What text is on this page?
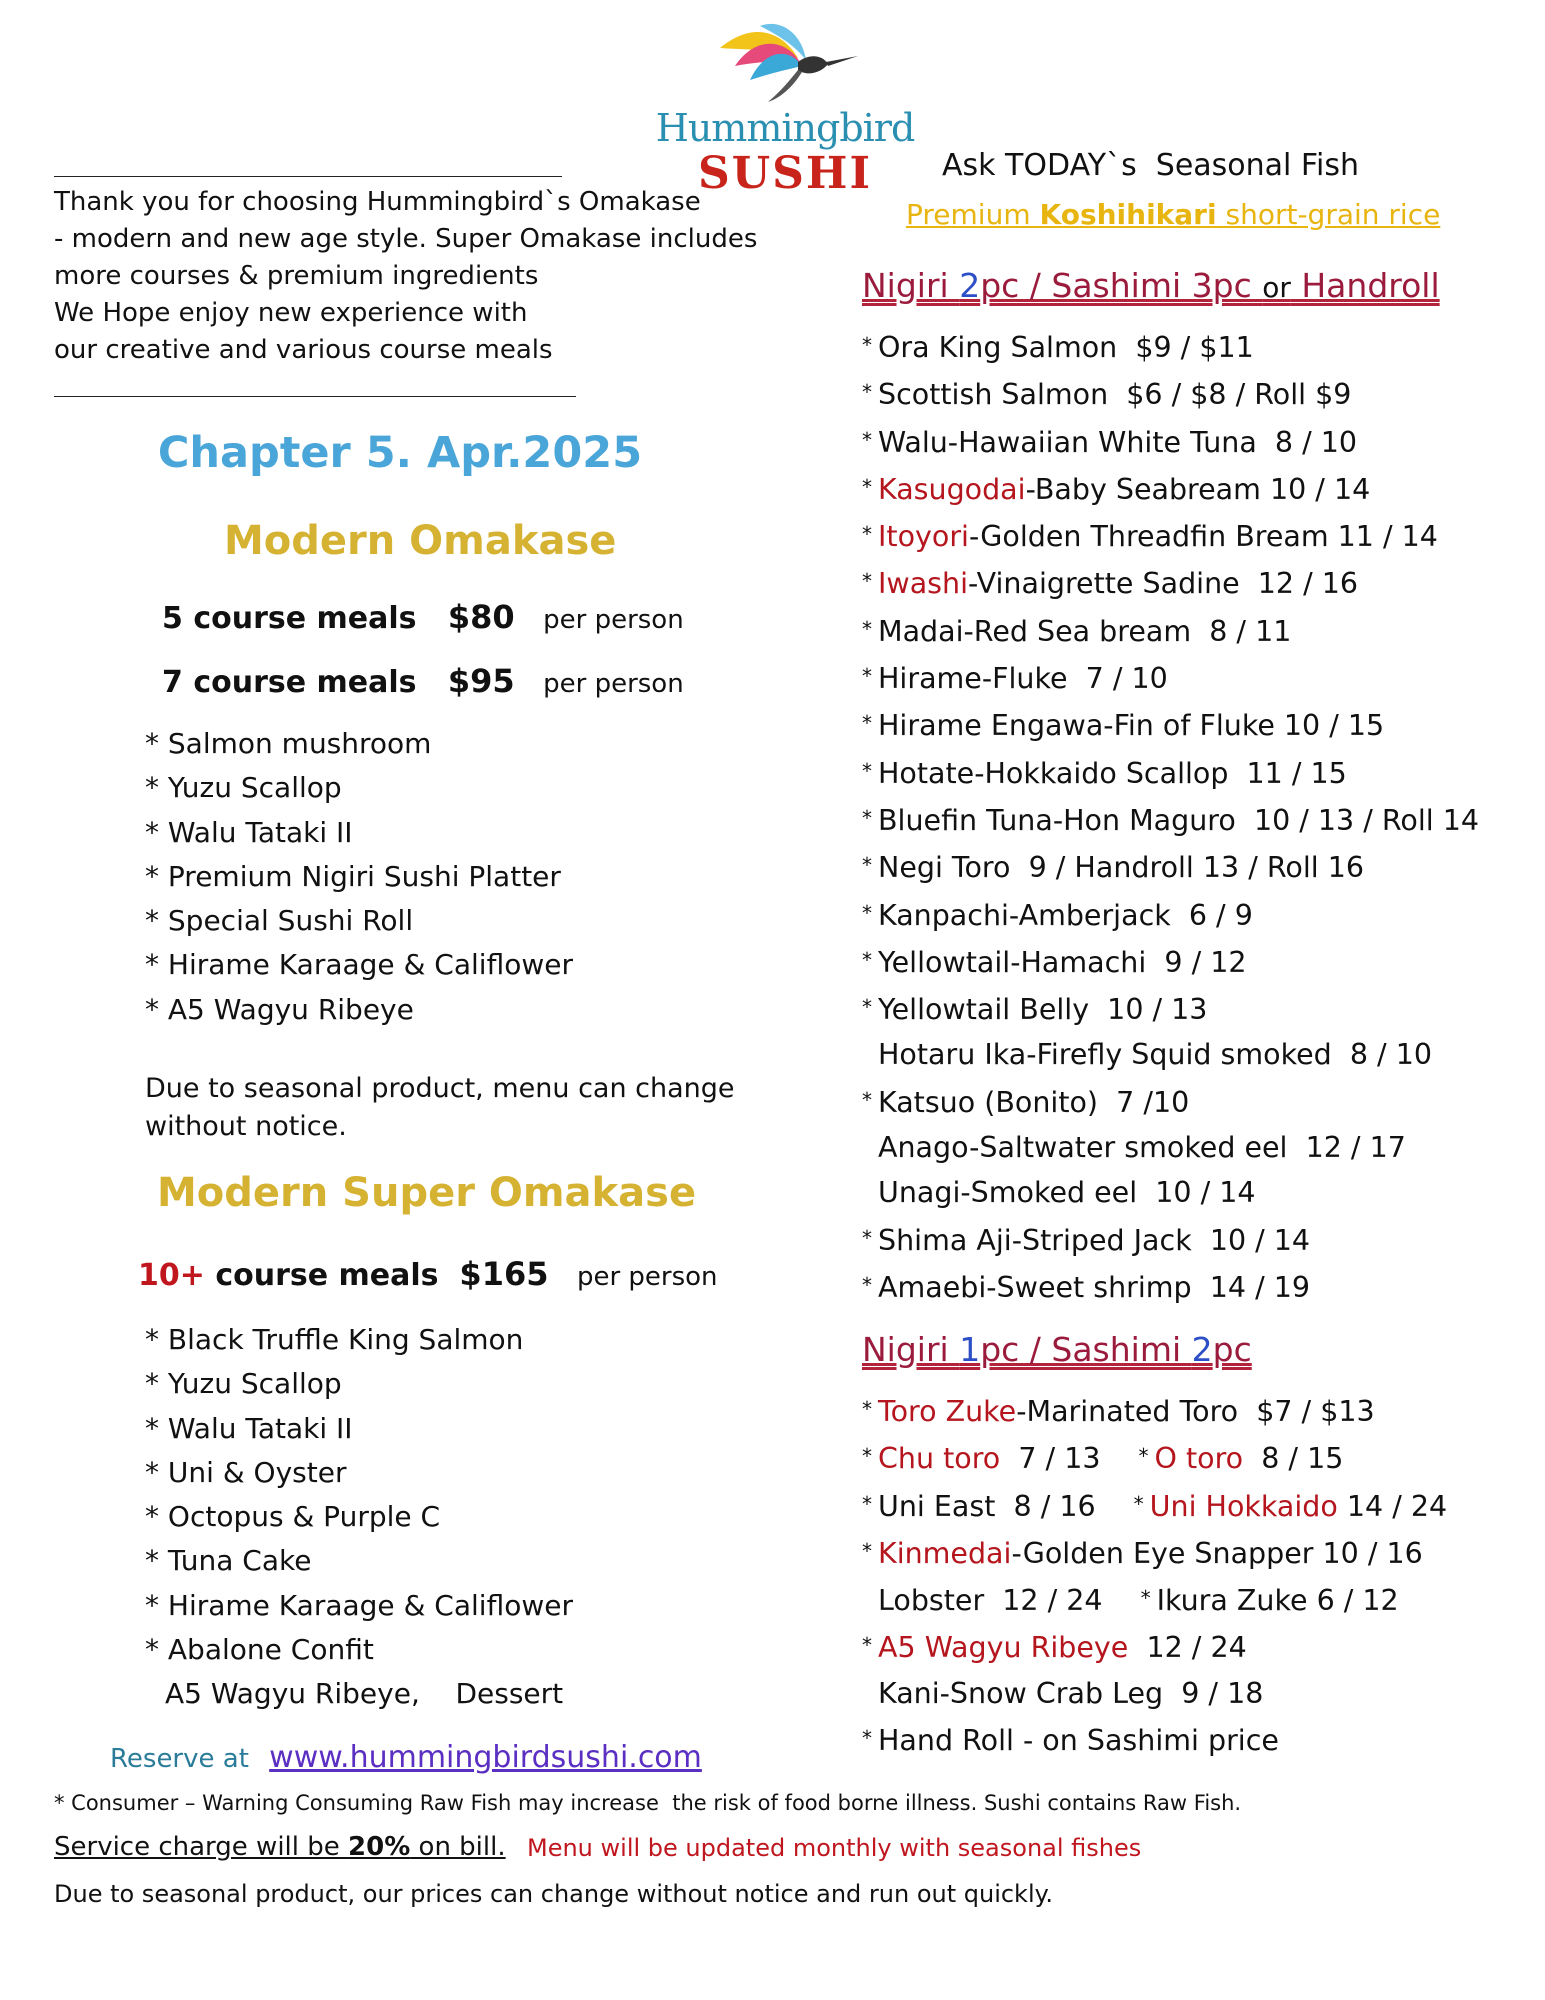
Hummingbird
SUSHI
Thank you for choosing Hummingbird`s Omakase
- modern and new age style. Super Omakase includes
more courses & premium ingredients
We Hope enjoy new experience with
our creative and various course meals
Chapter 5. Apr.2025
Modern Omakase
5 course meals $80 per person
7 course meals $95 per person
* Salmon mushroom
* Yuzu Scallop
* Walu Tataki II
* Premium Nigiri Sushi Platter
* Special Sushi Roll
* Hirame Karaage & Califlower
* A5 Wagyu Ribeye
Due to seasonal product, menu can change
without notice.
Modern Super Omakase
10+ course meals $165 per person
* Black Truffle King Salmon
* Yuzu Scallop
* Walu Tataki II
* Uni & Oyster
* Octopus & Purple C
* Tuna Cake
* Hirame Karaage & Califlower
* Abalone Confit
A5 Wagyu Ribeye,    Dessert
Ask TODAY`s  Seasonal Fish
Premium Koshihikari short-grain rice
Nigiri 2pc / Sashimi 3pc or Handroll
* Ora King Salmon  $9 / $11
* Scottish Salmon  $6 / $8 / Roll $9
* Walu-Hawaiian White Tuna  8 / 10
* Kasugodai-Baby Seabream 10 / 14
* Itoyori-Golden Threadfin Bream 11 / 14
* Iwashi-Vinaigrette Sadine  12 / 16
* Madai-Red Sea bream  8 / 11
* Hirame-Fluke  7 / 10
* Hirame Engawa-Fin of Fluke 10 / 15
* Hotate-Hokkaido Scallop  11 / 15
* Bluefin Tuna-Hon Maguro  10 / 13 / Roll 14
* Negi Toro  9 / Handroll 13 / Roll 16
* Kanpachi-Amberjack  6 / 9
* Yellowtail-Hamachi  9 / 12
* Yellowtail Belly  10 / 13
Hotaru Ika-Firefly Squid smoked  8 / 10
* Katsuo (Bonito)  7 /10
Anago-Saltwater smoked eel  12 / 17
Unagi-Smoked eel  10 / 14
* Shima Aji-Striped Jack  10 / 14
* Amaebi-Sweet shrimp  14 / 19
Nigiri 1pc / Sashimi 2pc
* Toro Zuke-Marinated Toro  $7 / $13
* Chu toro  7 / 13 * O toro  8 / 15
* Uni East  8 / 16 * Uni Hokkaido 14 / 24
* Kinmedai-Golden Eye Snapper 10 / 16
Lobster  12 / 24 * Ikura Zuke 6 / 12
* A5 Wagyu Ribeye  12 / 24
Kani-Snow Crab Leg  9 / 18
* Hand Roll - on Sashimi price
Reserve at www.hummingbirdsushi.com
* Consumer – Warning Consuming Raw Fish may increase  the risk of food borne illness. Sushi contains Raw Fish.
Service charge will be 20% on bill. Menu will be updated monthly with seasonal fishes
Due to seasonal product, our prices can change without notice and run out quickly.
